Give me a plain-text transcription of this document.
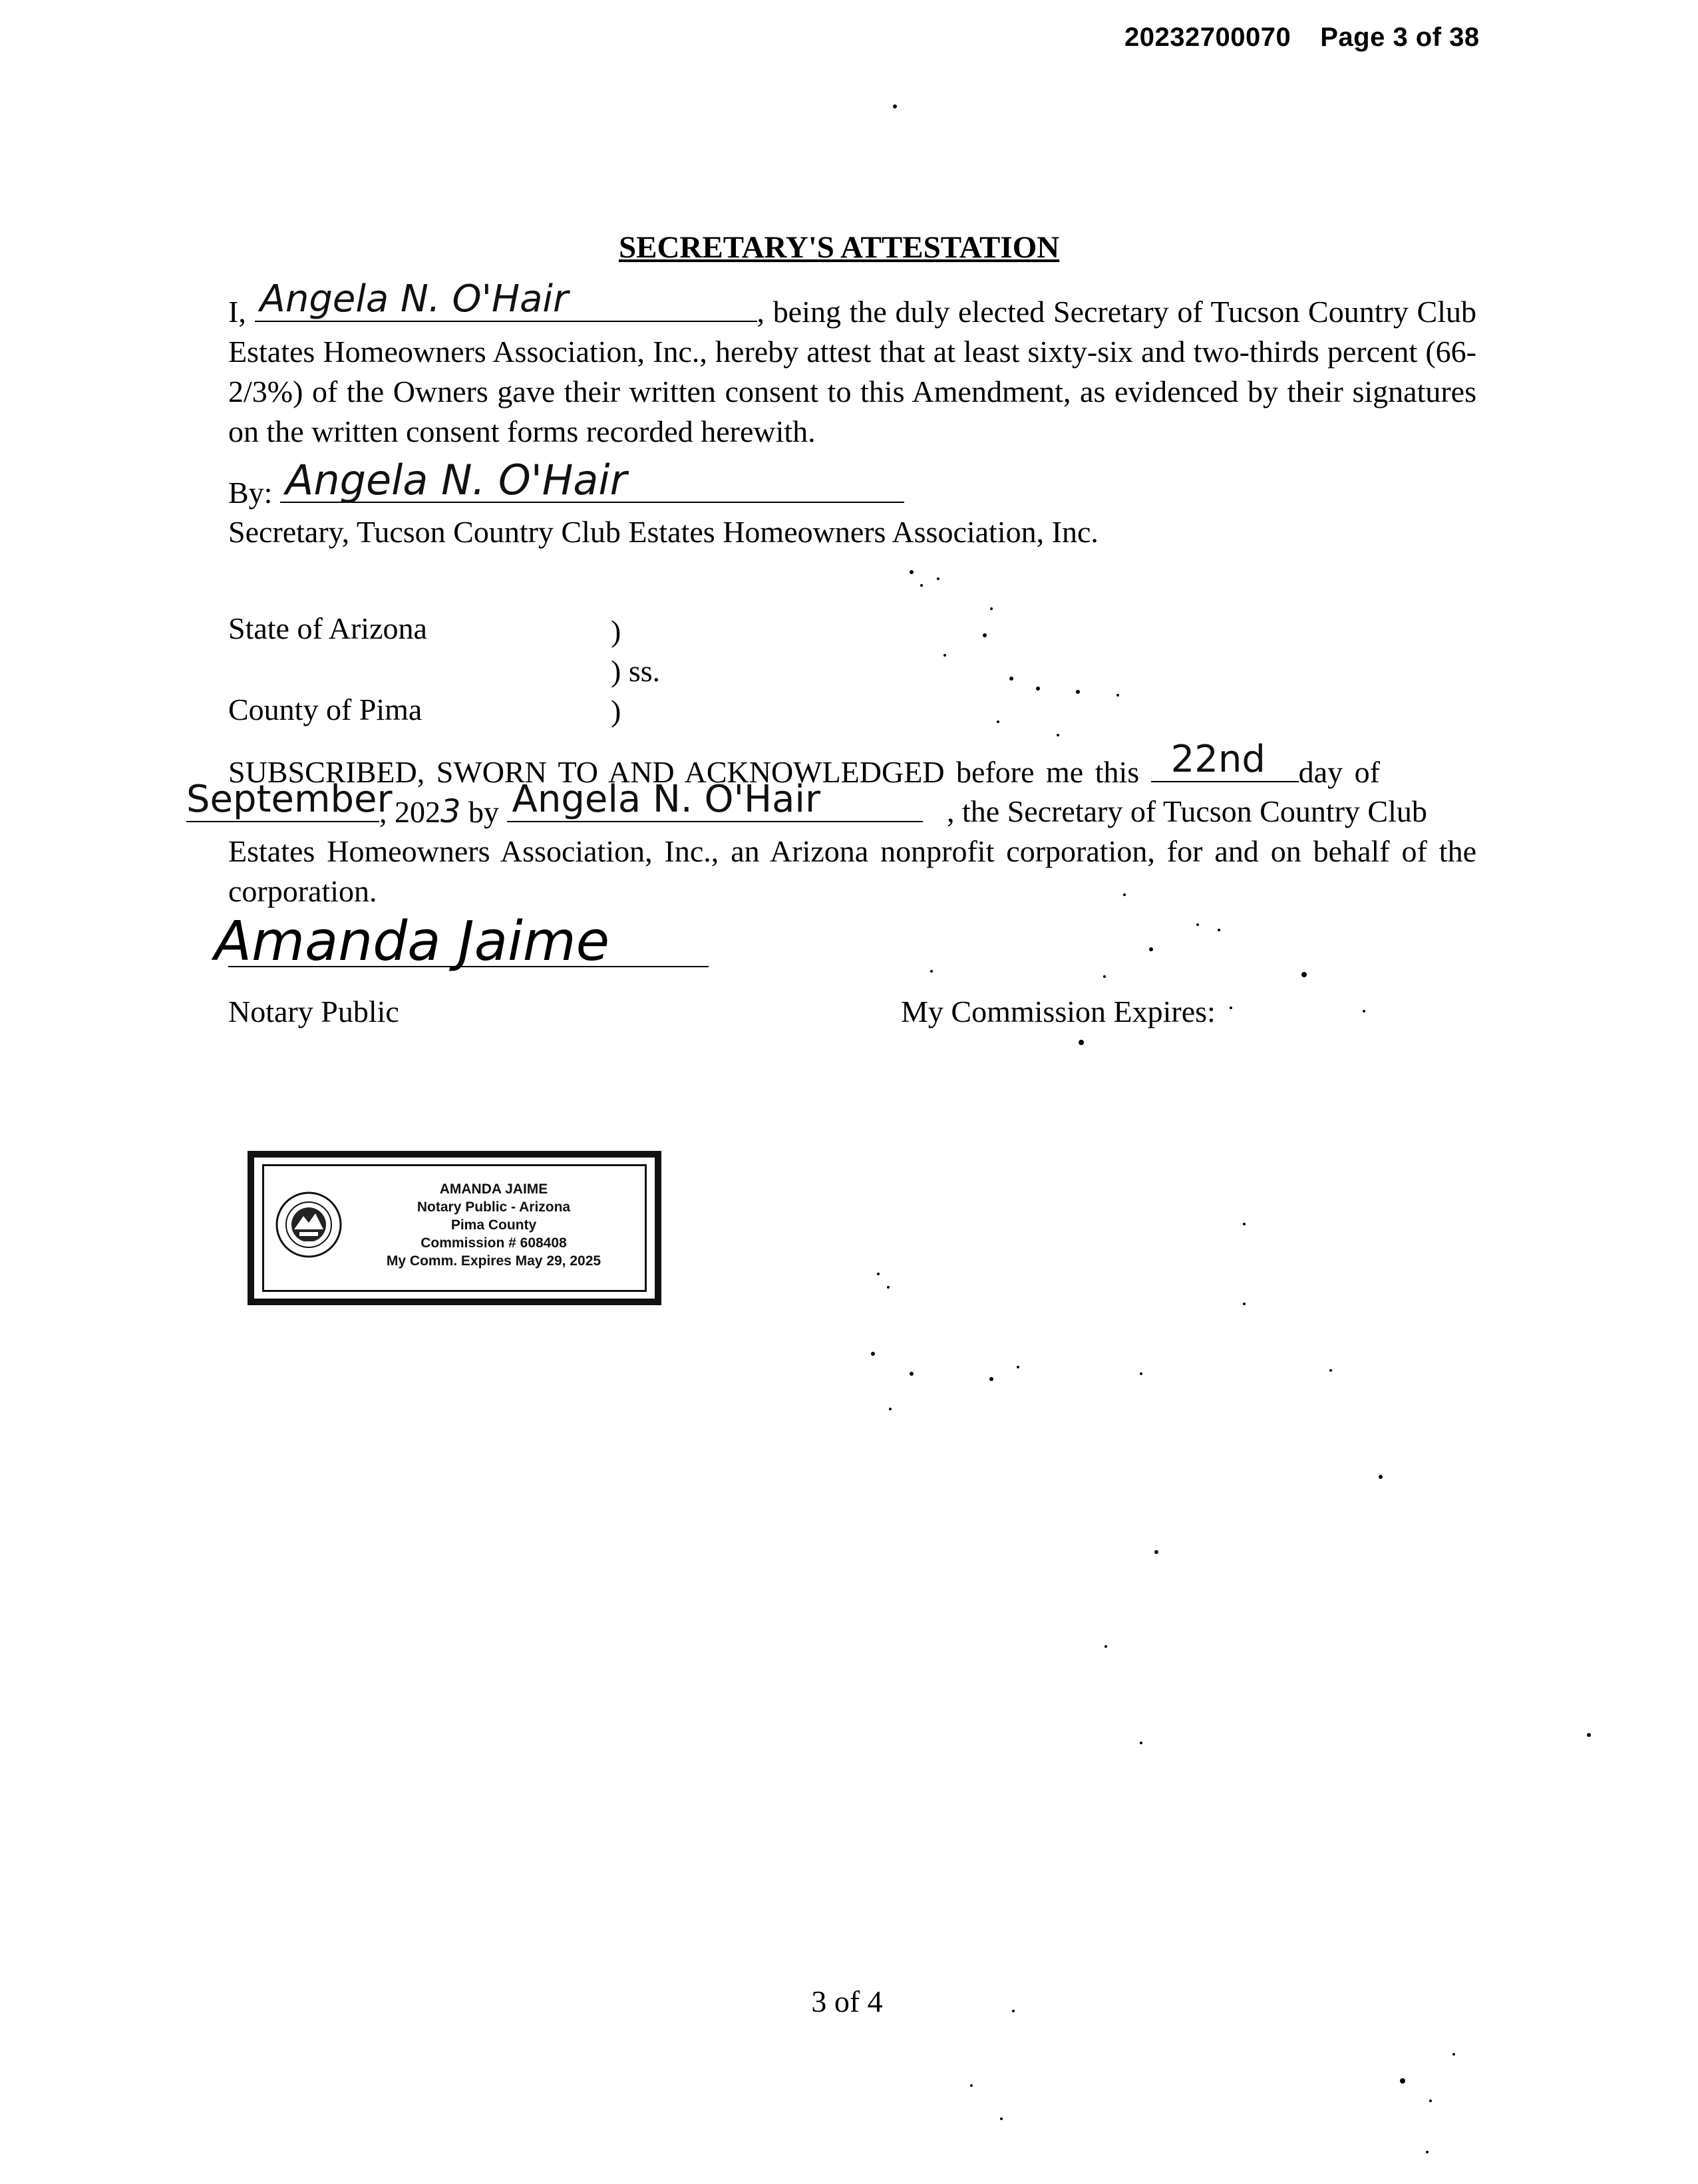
20232700070 Page 3 of 38
SECRETARY'S ATTESTATION
I, Angela N. O'Hair	, being the duly elected Secretary of Tucson Country Club Estates Homeowners Association, Inc., hereby attest that at least sixty-six and two-thirds percent (66-2/3%) of the Owners gave their written consent to this Amendment, as evidenced by their signatures on the written consent forms recorded herewith.
By: Angela N. O'Hair
Secretary, Tucson Country Club Estates Homeowners Association, Inc.
State of Arizona	)
) ss.
County of Pima	)
SUBSCRIBED, SWORN TO AND ACKNOWLEDGED before me this 22nd day of
September
, 2023 by Angela N. O'Hair	, the Secretary of Tucson Country Club
Estates Homeowners Association, Inc., an Arizona nonprofit corporation, for and on behalf of the corporation.
Amanda Jaime
Notary Public	My Commission Expires:
AMANDA JAIME
Notary Public - Arizona
Pima County
Commission # 608408
My Comm. Expires May 29, 2025
3 of 4
